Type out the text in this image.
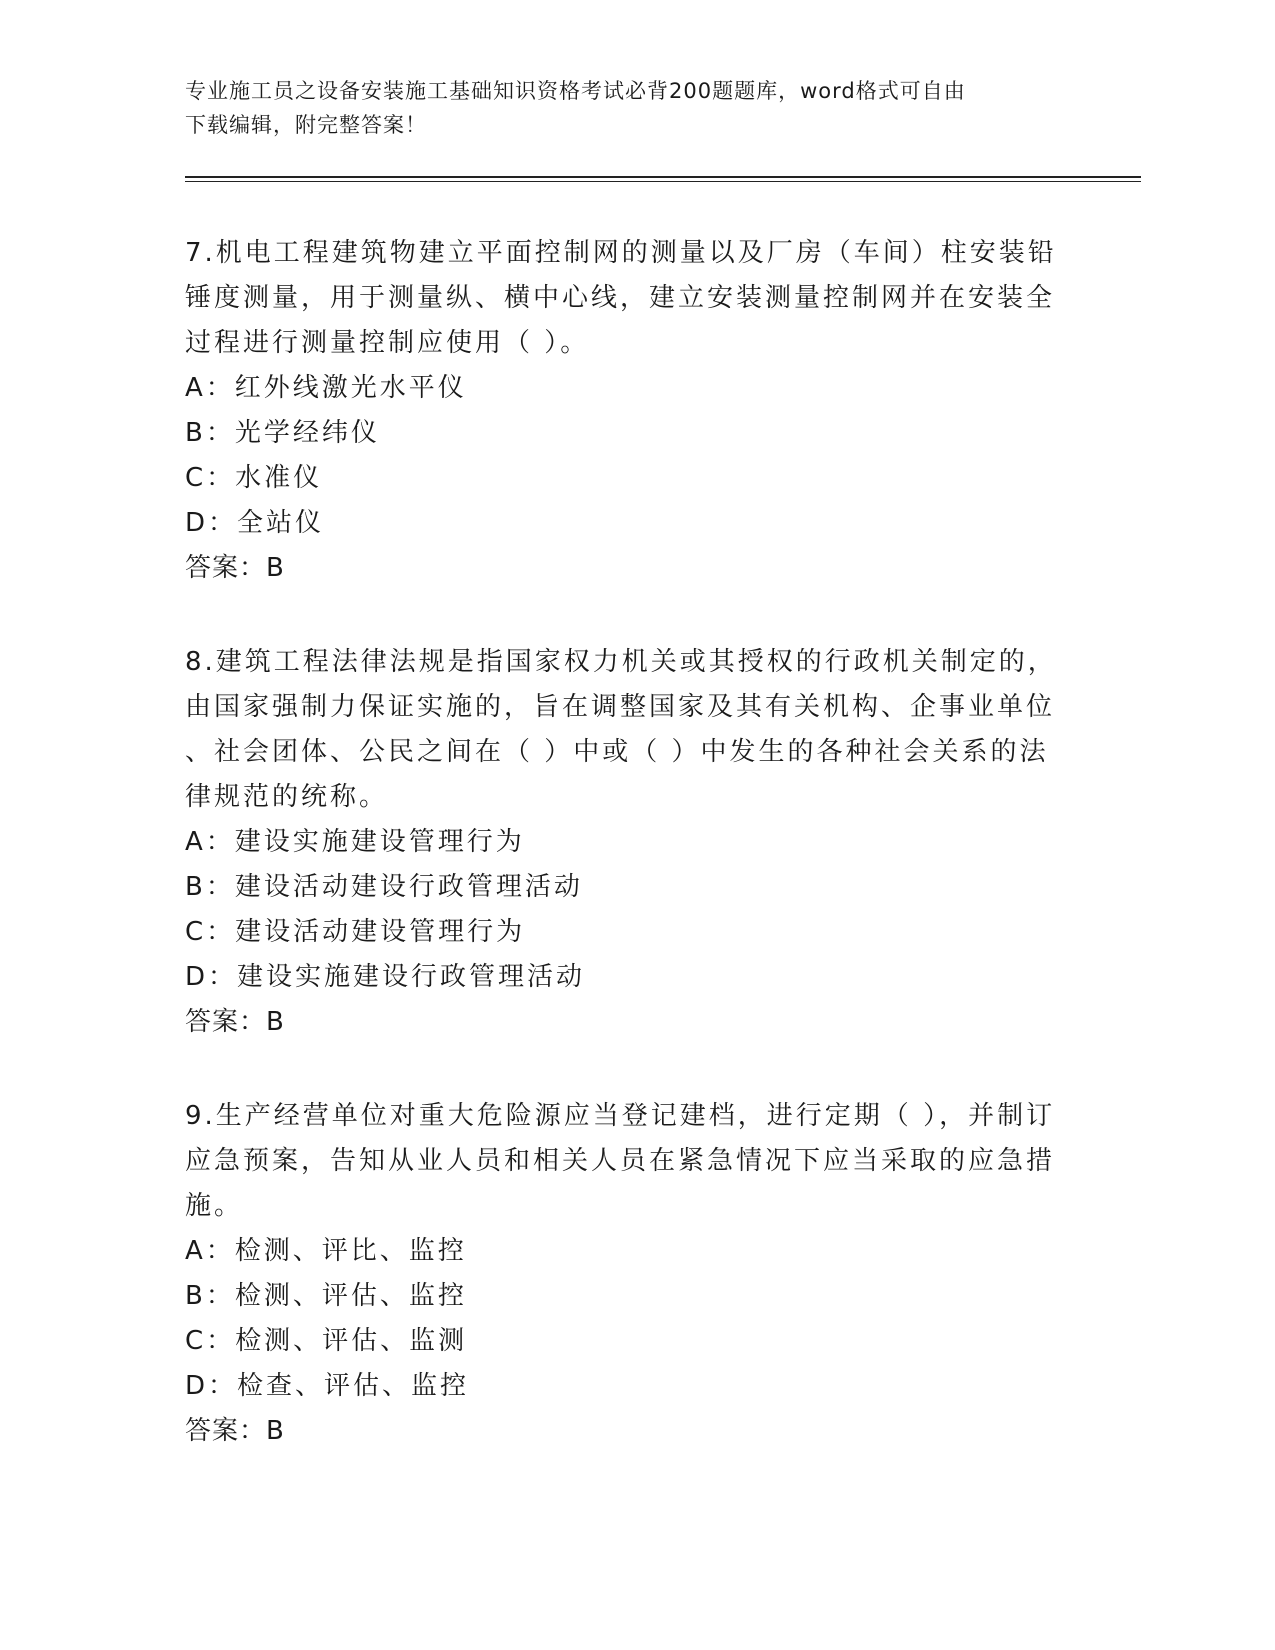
专业施工员之设备安装施工基础知识资格考试必背200题题库，word格式可自由
下载编辑，附完整答案！

7.机电工程建筑物建立平面控制网的测量以及厂房（车间）柱安装铅

锤度测量，用于测量纵、横中心线，建立安装测量控制网并在安装全

过程进行测量控制应使用（ ）。

A：红外线激光水平仪

B：光学经纬仪

C：水准仪

D：全站仪

答案：B

8.建筑工程法律法规是指国家权力机关或其授权的行政机关制定的，

由国家强制力保证实施的，旨在调整国家及其有关机构、企事业单位

、社会团体、公民之间在（ ）中或（ ）中发生的各种社会关系的法

律规范的统称。

A：建设实施建设管理行为

B：建设活动建设行政管理活动

C：建设活动建设管理行为

D：建设实施建设行政管理活动

答案：B

9.生产经营单位对重大危险源应当登记建档，进行定期（ ），并制订

应急预案，告知从业人员和相关人员在紧急情况下应当采取的应急措

施。

A：检测、评比、监控

B：检测、评估、监控

C：检测、评估、监测

D：检查、评估、监控

答案：B
